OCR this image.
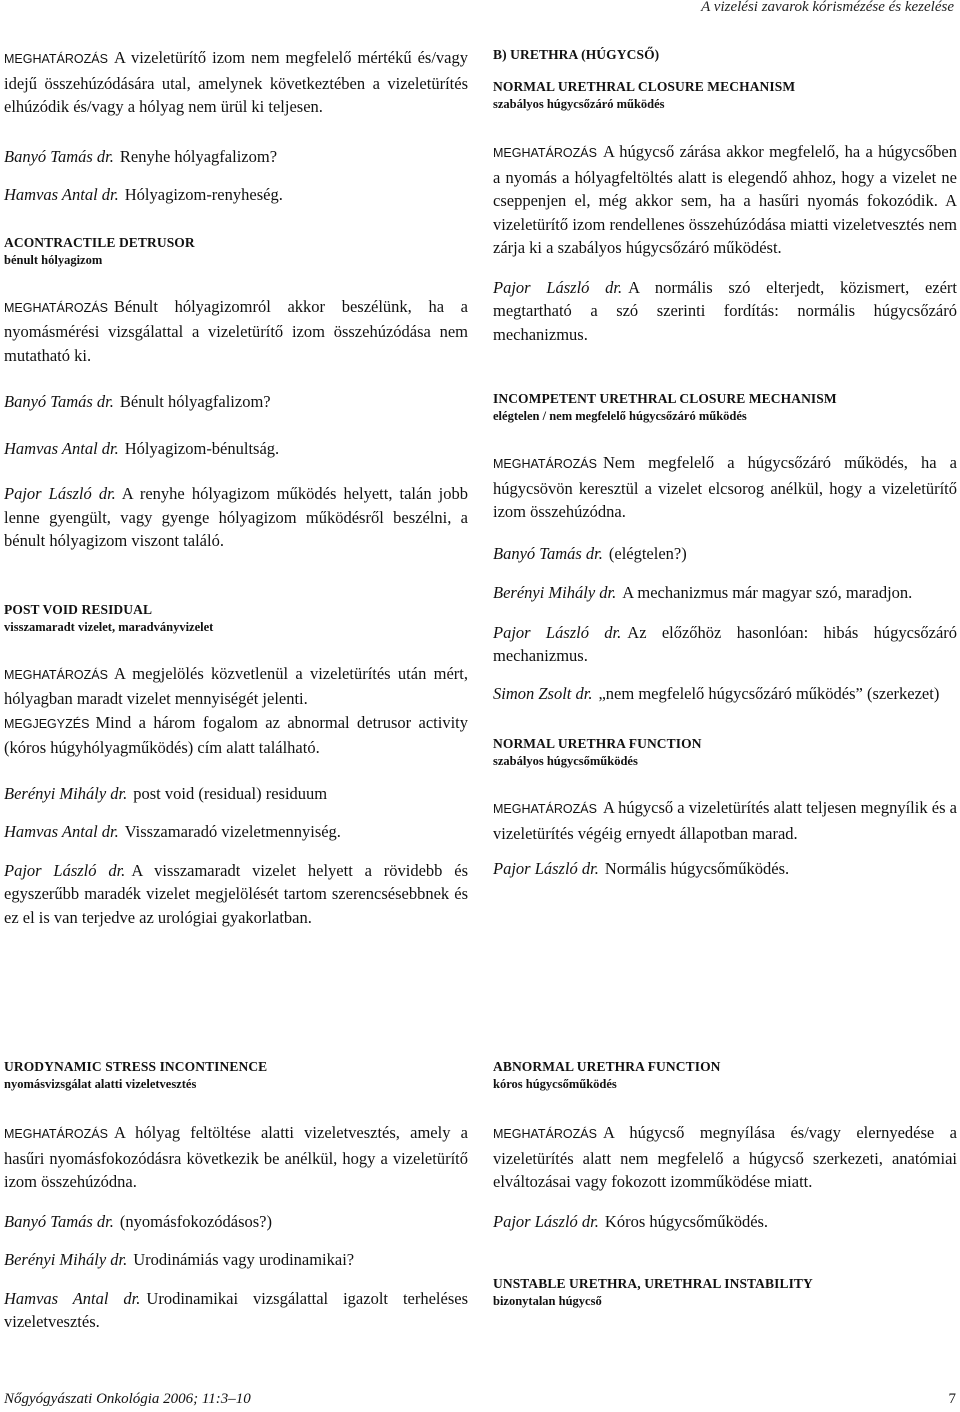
A vizelési zavarok kórismézése és kezelése

MEGHATÁROZÁS A vizeletürítő izom nem megfelelő mértékű és/vagy idejű összehúzódására utal, amelynek következtében a vizeletürítés elhúzódik és/vagy a hólyag nem ürül ki teljesen.

Banyó Tamás dr. Renyhe hólyagfalizom?

Hamvas Antal dr. Hólyagizom-renyheség.

ACONTRACTILE DETRUSOR
bénult hólyagizom

MEGHATÁROZÁS Bénult hólyagizomról akkor beszélünk, ha a nyomásmérési vizsgálattal a vizeletürítő izom összehúzódása nem mutatható ki.

Banyó Tamás dr. Bénult hólyagfalizom?

Hamvas Antal dr. Hólyagizom-bénultság.

Pajor László dr. A renyhe hólyagizom működés helyett, talán jobb lenne gyengült, vagy gyenge hólyagizom működésről beszélni, a bénult hólyagizom viszont találó.

POST VOID RESIDUAL
visszamaradt vizelet, maradványvizelet

MEGHATÁROZÁS A megjelölés közvetlenül a vizeletürítés után mért, hólyagban maradt vizelet mennyiségét jelenti.
MEGJEGYZÉS Mind a három fogalom az abnormal detrusor activity (kóros húgyhólyagműködés) cím alatt található.

Berényi Mihály dr. post void (residual) residuum

Hamvas Antal dr. Visszamaradó vizeletmennyiség.

Pajor László dr. A visszamaradt vizelet helyett a rövidebb és egyszerűbb maradék vizelet megjelölését tartom szerencsésebbnek és ez el is van terjedve az urológiai gyakorlatban.

B) URETHRA (HÚGYCSŐ)
NORMAL URETHRAL CLOSURE MECHANISM
szabályos húgycsőzáró működés

MEGHATÁROZÁS A húgycső zárása akkor megfelelő, ha a húgycsőben a nyomás a hólyagfeltöltés alatt is elegendő ahhoz, hogy a vizelet ne cseppenjen el, még akkor sem, ha a hasűri nyomás fokozódik. A vizeletürítő izom rendellenes összehúzódása miatti vizeletvesztés nem zárja ki a szabályos húgycsőzáró működést.

Pajor László dr. A normális szó elterjedt, közismert, ezért megtartható a szó szerinti fordítás: normális húgycsőzáró mechanizmus.

INCOMPETENT URETHRAL CLOSURE MECHANISM
elégtelen / nem megfelelő húgycsőzáró működés

MEGHATÁROZÁS Nem megfelelő a húgycsőzáró működés, ha a húgycsövön keresztül a vizelet elcsorog anélkül, hogy a vizeletürítő izom összehúzódna.

Banyó Tamás dr. (elégtelen?)

Berényi Mihály dr. A mechanizmus már magyar szó, maradjon.

Pajor László dr. Az előzőhöz hasonlóan: hibás húgycsőzáró mechanizmus.

Simon Zsolt dr. „nem megfelelő húgycsőzáró működés” (szerkezet)

NORMAL URETHRA FUNCTION
szabályos húgycsőműködés

MEGHATÁROZÁS A húgycső a vizeletürítés alatt teljesen megnyílik és a vizeletürítés végéig ernyedt állapotban marad.

Pajor László dr. Normális húgycsőműködés.

URODYNAMIC STRESS INCONTINENCE
nyomásvizsgálat alatti vizeletvesztés

MEGHATÁROZÁS A hólyag feltöltése alatti vizeletvesztés, amely a hasűri nyomásfokozódásra következik be anélkül, hogy a vizeletürítő izom összehúzódna.

Banyó Tamás dr. (nyomásfokozódásos?)

Berényi Mihály dr. Urodinámiás vagy urodinamikai?

Hamvas Antal dr. Urodinamikai vizsgálattal igazolt terheléses vizeletvesztés.

ABNORMAL URETHRA FUNCTION
kóros húgycsőműködés

MEGHATÁROZÁS A húgycső megnyílása és/vagy elernyedése a vizeletürítés alatt nem megfelelő a húgycső szerkezeti, anatómiai elváltozásai vagy fokozott izomműködése miatt.

Pajor László dr. Kóros húgycsőműködés.

UNSTABLE URETHRA, URETHRAL INSTABILITY
bizonytalan húgycső
Nőgyógyászati Onkológia 2006; 11:3–10	7
